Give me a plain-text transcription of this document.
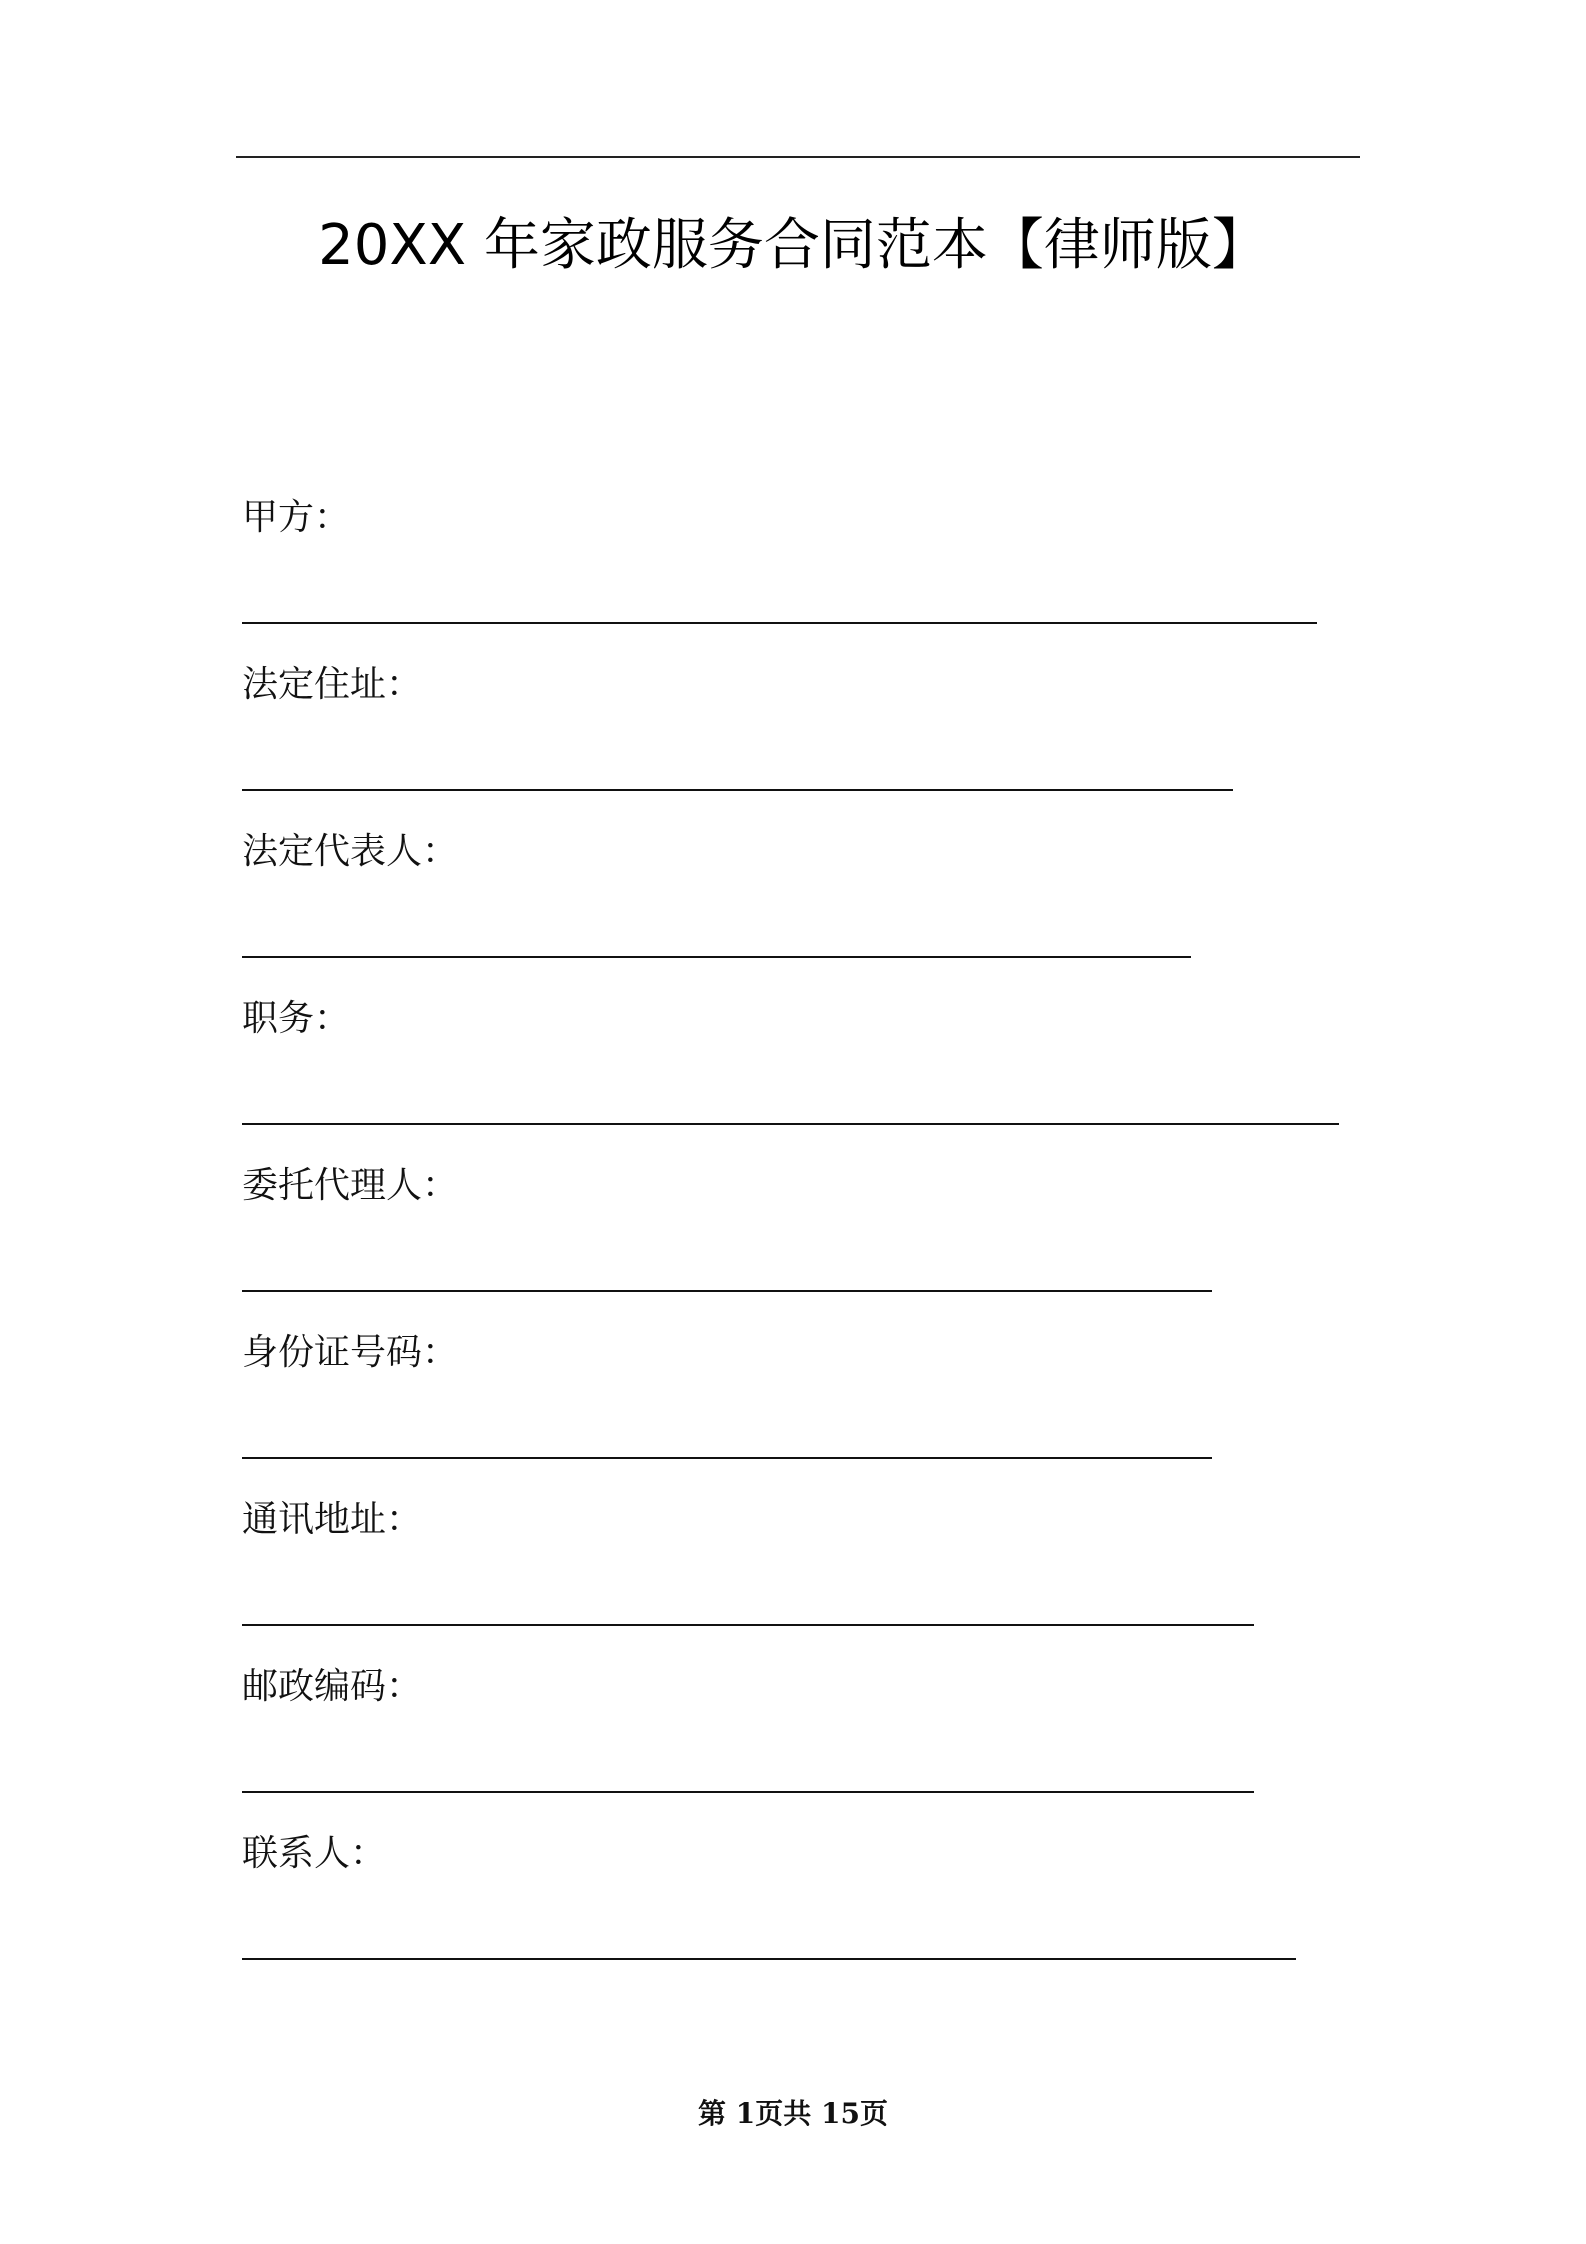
20XX 年家政服务合同范本【律师版】
甲方：
法定住址：
法定代表人：
职务：
委托代理人：
身份证号码：
通讯地址：
邮政编码：
联系人：
第 1页共 15页
